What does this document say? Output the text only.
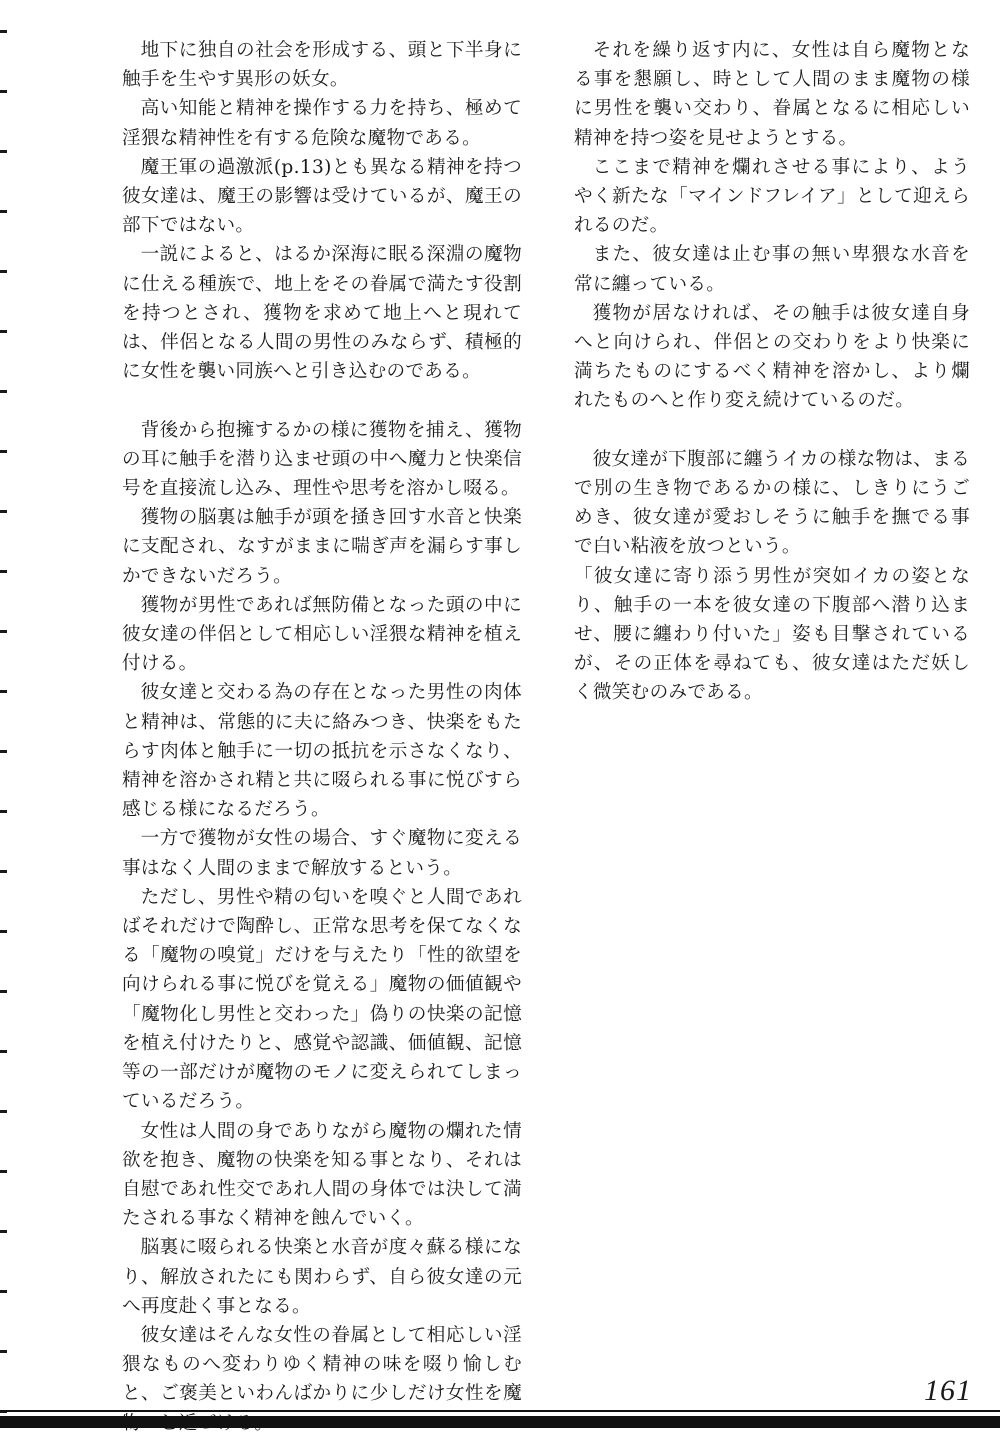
地下に独自の社会を形成する、頭と下半身に触手を生やす異形の妖女。

高い知能と精神を操作する力を持ち、極めて淫猥な精神性を有する危険な魔物である。

魔王軍の過激派(p.13)とも異なる精神を持つ彼女達は、魔王の影響は受けているが、魔王の部下ではない。

一説によると、はるか深海に眠る深淵の魔物に仕える種族で、地上をその眷属で満たす役割を持つとされ、獲物を求めて地上へと現れては、伴侶となる人間の男性のみならず、積極的に女性を襲い同族へと引き込むのである。

背後から抱擁するかの様に獲物を捕え、獲物の耳に触手を潜り込ませ頭の中へ魔力と快楽信号を直接流し込み、理性や思考を溶かし啜る。

獲物の脳裏は触手が頭を掻き回す水音と快楽に支配され、なすがままに喘ぎ声を漏らす事しかできないだろう。

獲物が男性であれば無防備となった頭の中に彼女達の伴侶として相応しい淫猥な精神を植え付ける。

彼女達と交わる為の存在となった男性の肉体と精神は、常態的に夫に絡みつき、快楽をもたらす肉体と触手に一切の抵抗を示さなくなり、精神を溶かされ精と共に啜られる事に悦びすら感じる様になるだろう。

一方で獲物が女性の場合、すぐ魔物に変える事はなく人間のままで解放するという。

ただし、男性や精の匂いを嗅ぐと人間であればそれだけで陶酔し、正常な思考を保てなくなる「魔物の嗅覚」だけを与えたり「性的欲望を向けられる事に悦びを覚える」魔物の価値観や「魔物化し男性と交わった」偽りの快楽の記憶を植え付けたりと、感覚や認識、価値観、記憶等の一部だけが魔物のモノに変えられてしまっているだろう。

女性は人間の身でありながら魔物の爛れた情欲を抱き、魔物の快楽を知る事となり、それは自慰であれ性交であれ人間の身体では決して満たされる事なく精神を蝕んでいく。

脳裏に啜られる快楽と水音が度々蘇る様になり、解放されたにも関わらず、自ら彼女達の元へ再度赴く事となる。

彼女達はそんな女性の眷属として相応しい淫猥なものへ変わりゆく精神の味を啜り愉しむと、ご褒美といわんばかりに少しだけ女性を魔

それを繰り返す内に、女性は自ら魔物となる事を懇願し、時として人間のまま魔物の様に男性を襲い交わり、眷属となるに相応しい精神を持つ姿を見せようとする。

ここまで精神を爛れさせる事により、ようやく新たな「マインドフレイア」として迎えられるのだ。

また、彼女達は止む事の無い卑猥な水音を常に纏っている。

獲物が居なければ、その触手は彼女達自身へと向けられ、伴侶との交わりをより快楽に満ちたものにするべく精神を溶かし、より爛れたものへと作り変え続けているのだ。

彼女達が下腹部に纏うイカの様な物は、まるで別の生き物であるかの様に、しきりにうごめき、彼女達が愛おしそうに触手を撫でる事で白い粘液を放つという。

「彼女達に寄り添う男性が突如イカの姿となり、触手の一本を彼女達の下腹部へ潜り込ませ、腰に纏わり付いた」姿も目撃されているが、その正体を尋ねても、彼女達はただ妖しく微笑むのみである。

161
